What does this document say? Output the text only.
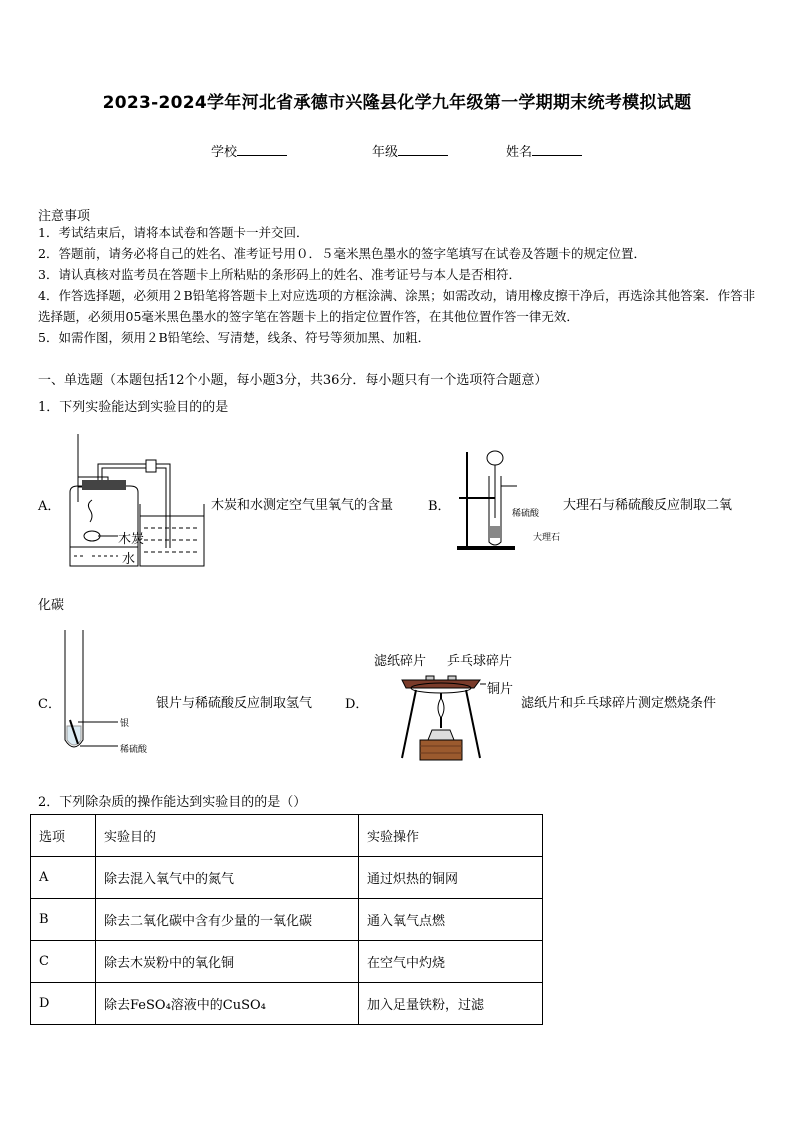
2023-2024学年河北省承德市兴隆县化学九年级第一学期期末统考模拟试题
学校	年级	姓名
注意事项
1．考试结束后，请将本试卷和答题卡一并交回．
2．答题前，请务必将自己的姓名、准考证号用０．５毫米黑色墨水的签字笔填写在试卷及答题卡的规定位置．
3．请认真核对监考员在答题卡上所粘贴的条形码上的姓名、准考证号与本人是否相符．
4．作答选择题，必须用２B铅笔将答题卡上对应选项的方框涂满、涂黑；如需改动，请用橡皮擦干净后，再选涂其他答案．作答非选择题，必须用05毫米黑色墨水的签字笔在答题卡上的指定位置作答，在其他位置作答一律无效．
5．如需作图，须用２B铅笔绘、写清楚，线条、符号等须加黑、加粗．
一、单选题（本题包括12个小题，每小题3分，共36分．每小题只有一个选项符合题意）
1．下列实验能达到实验目的的是
A．
木炭
水
木炭和水测定空气里氧气的含量	B．	稀硫酸
大理石
大理石与稀硫酸反应制取二氧
化碳
C．
银
稀硫酸
银片与稀硫酸反应制取氢气	D．
滤纸碎片 乒乓球碎片
铜片
滤纸片和乒乓球碎片测定燃烧条件
2．下列除杂质的操作能达到实验目的的是（）
选项	实验目的	实验操作
A	除去混入氧气中的氮气	通过炽热的铜网
B	除去二氧化碳中含有少量的一氧化碳	通入氧气点燃
C	除去木炭粉中的氧化铜	在空气中灼烧
D	除去FeSO₄溶液中的CuSO₄	加入足量铁粉，过滤
